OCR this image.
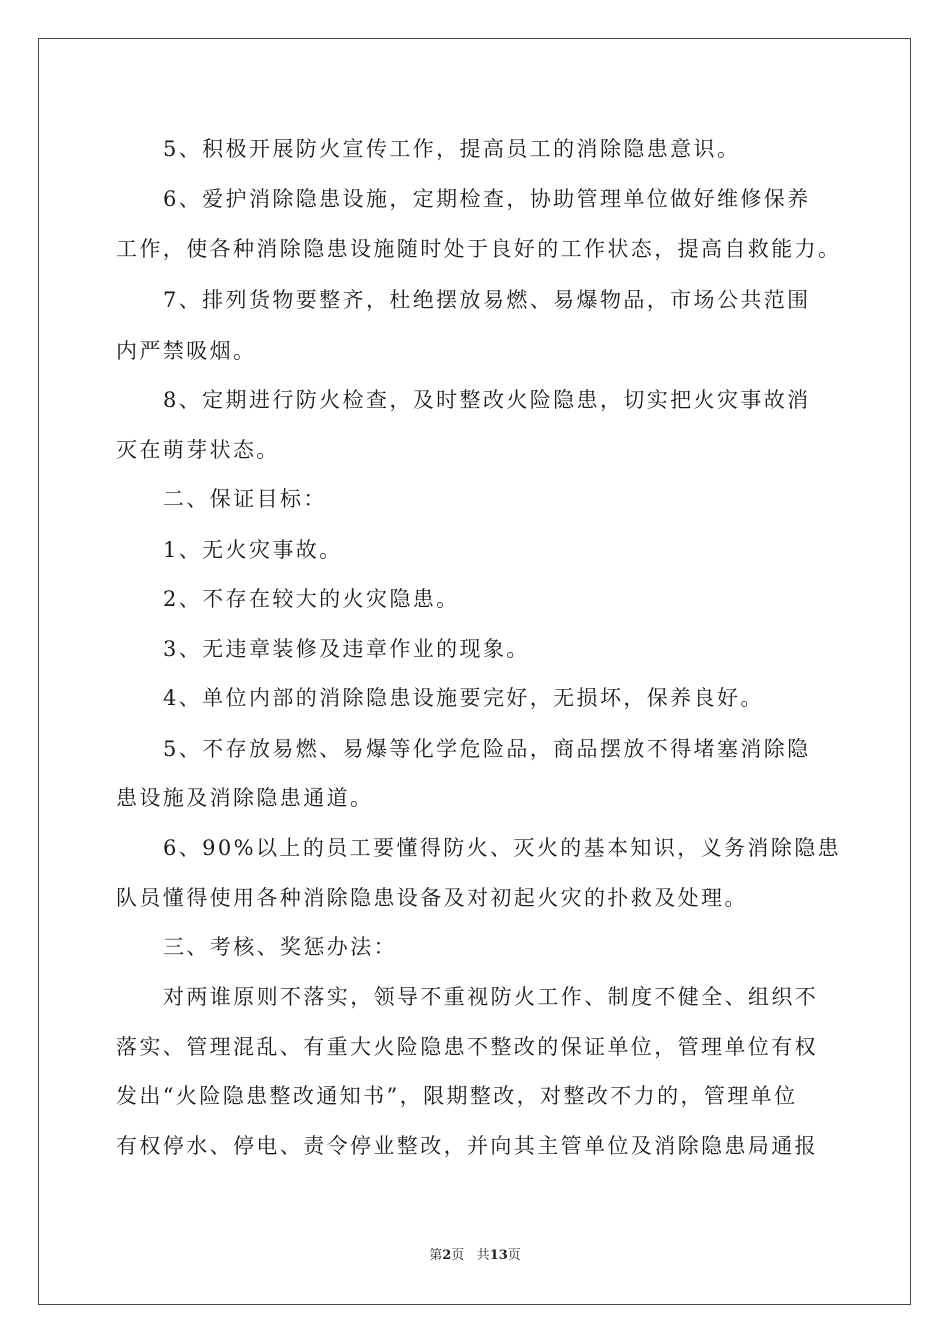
5、积极开展防火宣传工作，提高员工的消除隐患意识。
6、爱护消除隐患设施，定期检查，协助管理单位做好维修保养
工作，使各种消除隐患设施随时处于良好的工作状态，提高自救能力。
7、排列货物要整齐，杜绝摆放易燃、易爆物品，市场公共范围
内严禁吸烟。
8、定期进行防火检查，及时整改火险隐患，切实把火灾事故消
灭在萌芽状态。
二、保证目标：
1、无火灾事故。
2、不存在较大的火灾隐患。
3、无违章装修及违章作业的现象。
4、单位内部的消除隐患设施要完好，无损坏，保养良好。
5、不存放易燃、易爆等化学危险品，商品摆放不得堵塞消除隐
患设施及消除隐患通道。
6、90%以上的员工要懂得防火、灭火的基本知识，义务消除隐患
队员懂得使用各种消除隐患设备及对初起火灾的扑救及处理。
三、考核、奖惩办法：
对两谁原则不落实，领导不重视防火工作、制度不健全、组织不
落实、管理混乱、有重大火险隐患不整改的保证单位，管理单位有权
发出“火险隐患整改通知书”，限期整改，对整改不力的，管理单位
有权停水、停电、责令停业整改，并向其主管单位及消除隐患局通报
第2页 共13页
